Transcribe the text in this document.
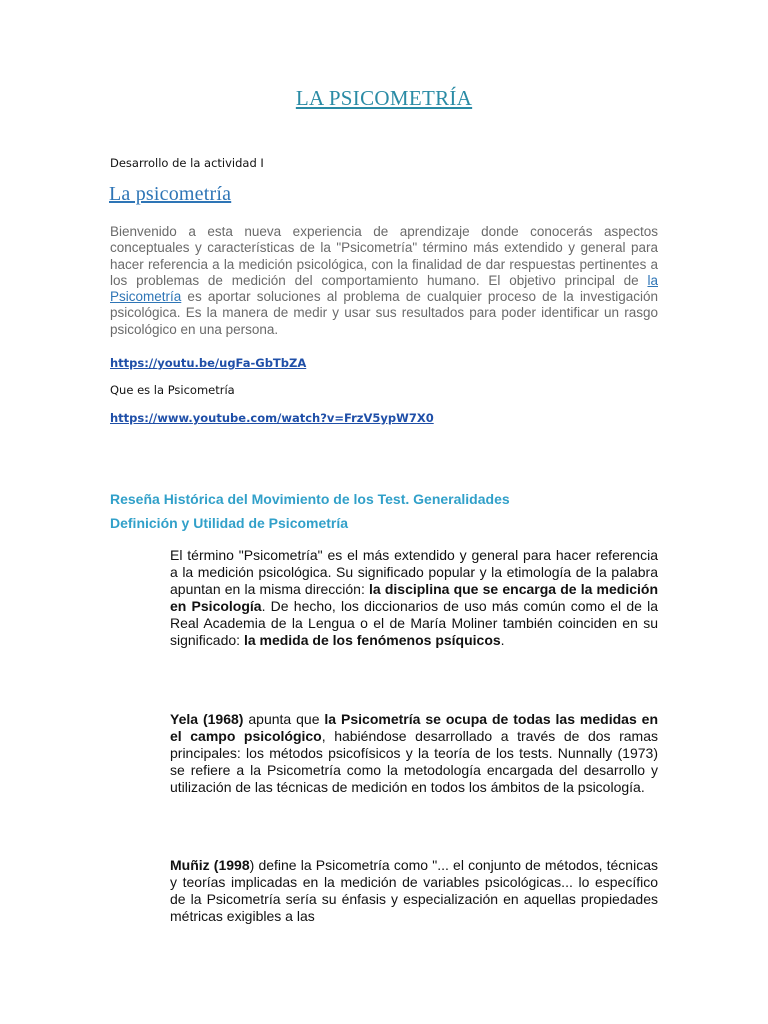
LA PSICOMETRÍA
Desarrollo de la actividad I
La psicometría
Bienvenido a esta nueva experiencia de aprendizaje donde conocerás aspectos conceptuales y características de la "Psicometría" término más extendido y general para hacer referencia a la medición psicológica, con la finalidad de dar respuestas pertinentes a los problemas de medición del comportamiento humano. El objetivo principal de la Psicometría es aportar soluciones al problema de cualquier proceso de la investigación psicológica. Es la manera de medir y usar sus resultados para poder identificar un rasgo psicológico en una persona.
https://youtu.be/ugFa-GbTbZA
Que es la Psicometría
https://www.youtube.com/watch?v=FrzV5ypW7X0
Reseña Histórica del Movimiento de los Test. Generalidades
Definición y Utilidad de Psicometría
El término "Psicometría" es el más extendido y general para hacer referencia a la medición psicológica. Su significado popular y la etimología de la palabra apuntan en la misma dirección: la disciplina que se encarga de la medición en Psicología. De hecho, los diccionarios de uso más común como el de la Real Academia de la Lengua o el de María Moliner también coinciden en su significado: la medida de los fenómenos psíquicos.
Yela (1968) apunta que la Psicometría se ocupa de todas las medidas en el campo psicológico, habiéndose desarrollado a través de dos ramas principales: los métodos psicofísicos y la teoría de los tests. Nunnally (1973) se refiere a la Psicometría como la metodología encargada del desarrollo y utilización de las técnicas de medición en todos los ámbitos de la psicología.
Muñiz (1998) define la Psicometría como "... el conjunto de métodos, técnicas y teorías implicadas en la medición de variables psicológicas... lo específico de la Psicometría sería su énfasis y especialización en aquellas propiedades métricas exigibles a las
